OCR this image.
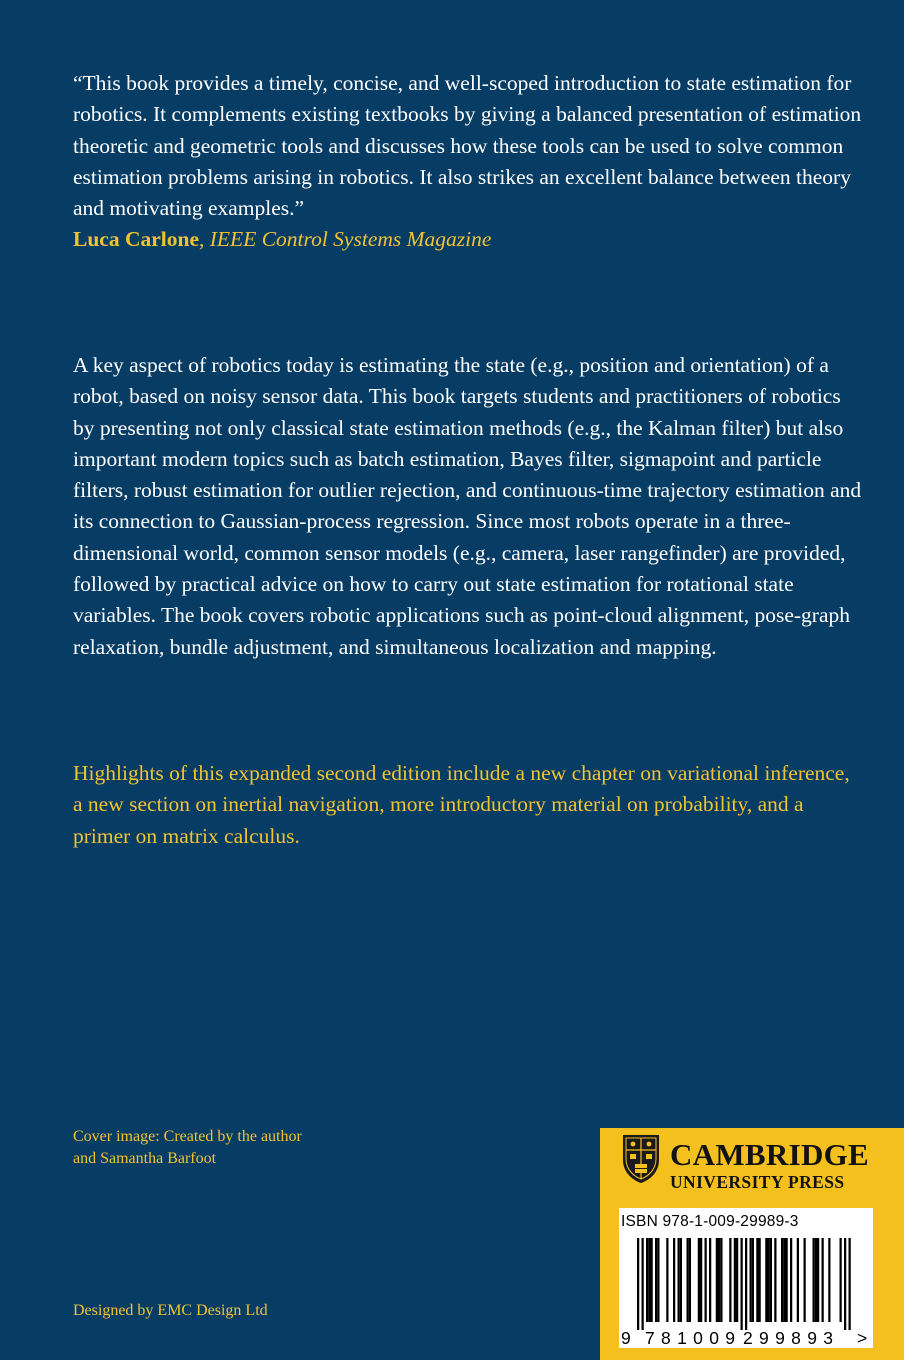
“This book provides a timely, concise, and well-scoped introduction to state estimation for robotics. It complements existing textbooks by giving a balanced presentation of estimation theoretic and geometric tools and discusses how these tools can be used to solve common estimation problems arising in robotics. It also strikes an excellent balance between theory and motivating examples.”

Luca Carlone, IEEE Control Systems Magazine

A key aspect of robotics today is estimating the state (e.g., position and orientation) of a robot, based on noisy sensor data. This book targets students and practitioners of robotics by presenting not only classical state estimation methods (e.g., the Kalman filter) but also important modern topics such as batch estimation, Bayes filter, sigmapoint and particle filters, robust estimation for outlier rejection, and continuous-time trajectory estimation and its connection to Gaussian-process regression. Since most robots operate in a three-dimensional world, common sensor models (e.g., camera, laser rangefinder) are provided, followed by practical advice on how to carry out state estimation for rotational state variables. The book covers robotic applications such as point-cloud alignment, pose-graph relaxation, bundle adjustment, and simultaneous localization and mapping.

Highlights of this expanded second edition include a new chapter on variational inference, a new section on inertial navigation, more introductory material on probability, and a primer on matrix calculus.

Cover image: Created by the author
and Samantha Barfoot
Designed by EMC Design Ltd
CAMBRIDGE
UNIVERSITY PRESS
ISBN 978-1-009-29989-3
9 781009 299893 >
